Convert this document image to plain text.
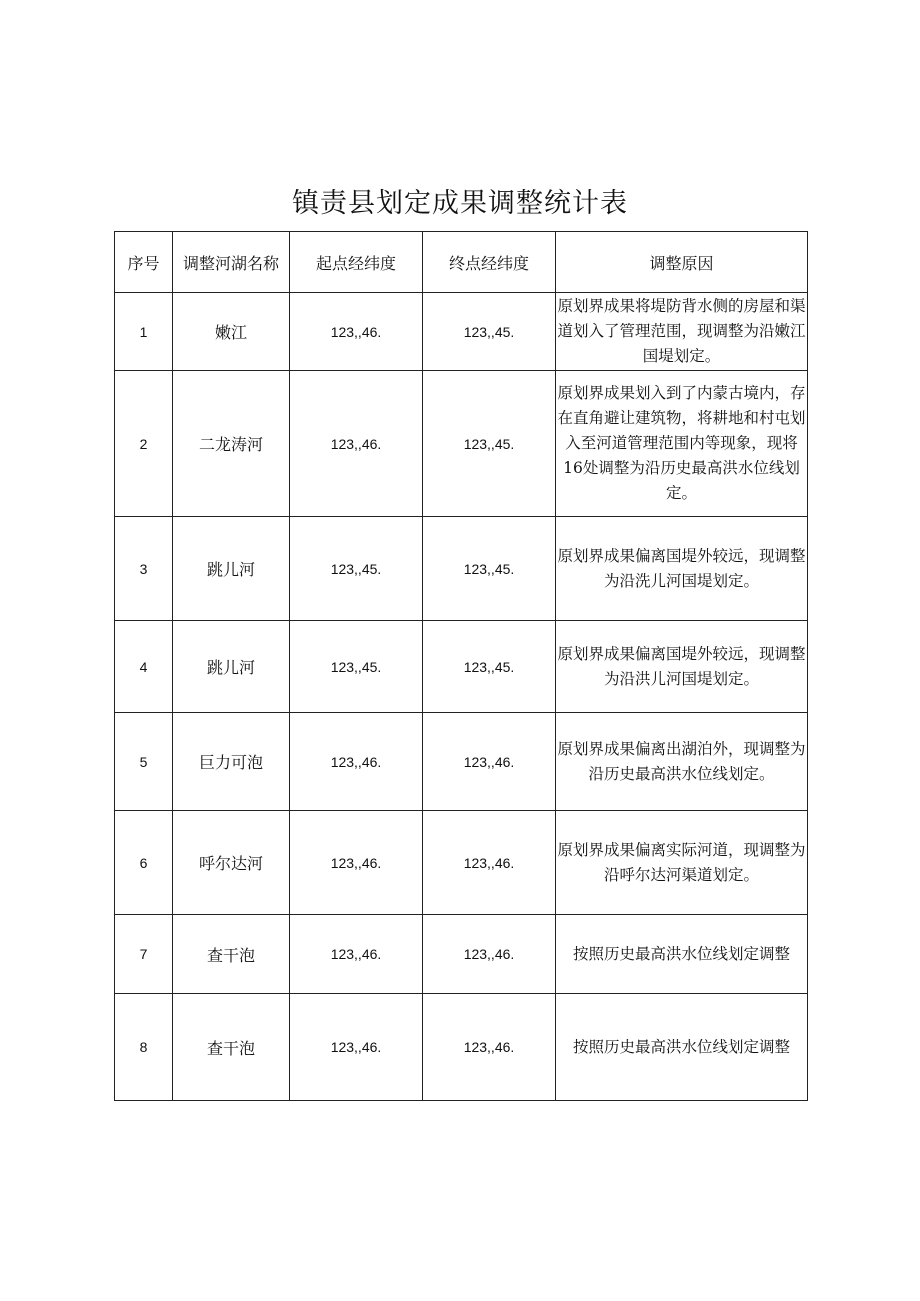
镇责县划定成果调整统计表
序号	调整河湖名称	起点经纬度	终点经纬度	调整原因
1	嫩江	123,,46.	123,,45.	原划界成果将堤防背水侧的房屋和渠道划入了管理范围，现调整为沿嫩江国堤划定。
2	二龙涛河	123,,46.	123,,45.	原划界成果划入到了内蒙古境内，存在直角避让建筑物，将耕地和村屯划入至河道管理范围内等现象，现将16处调整为沿历史最高洪水位线划定。
3	跳儿河	123,,45.	123,,45.	原划界成果偏离国堤外较远，现调整为沿洗儿河国堤划定。
4	跳儿河	123,,45.	123,,45.	原划界成果偏离国堤外较远，现调整为沿洪儿河国堤划定。
5	巨力可泡	123,,46.	123,,46.	原划界成果偏离出湖泊外，现调整为沿历史最高洪水位线划定。
6	呼尔达河	123,,46.	123,,46.	原划界成果偏离实际河道，现调整为沿呼尔达河渠道划定。
7	查干泡	123,,46.	123,,46.	按照历史最高洪水位线划定调整
8	查干泡	123,,46.	123,,46.	按照历史最高洪水位线划定调整
